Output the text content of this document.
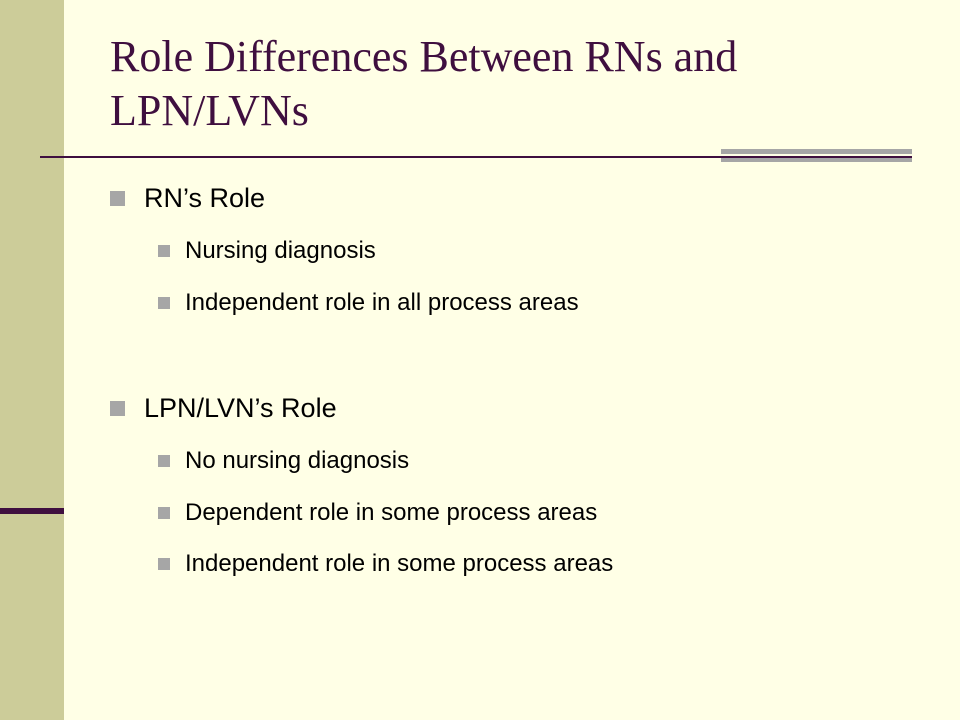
Role Differences Between RNs and LPN/LVNs
RN’s Role
Nursing diagnosis
Independent role in all process areas
LPN/LVN’s Role
No nursing diagnosis
Dependent role in some process areas
Independent role in some process areas
